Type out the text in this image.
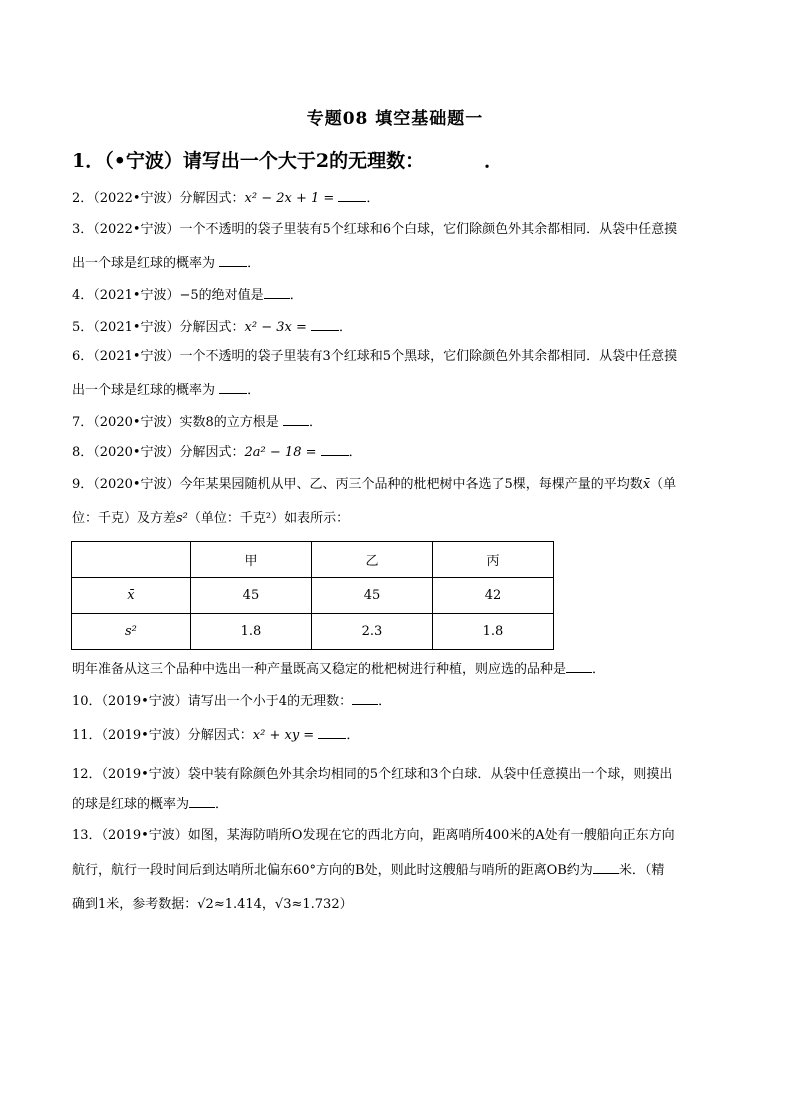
专题08 填空基础题一
1．（•宁波）请写出一个大于2的无理数：	．
2．（2022•宁波）分解因式：x² − 2x + 1 = ．
3．（2022•宁波）一个不透明的袋子里装有5个红球和6个白球，它们除颜色外其余都相同．从袋中任意摸
出一个球是红球的概率为 ．
4．（2021•宁波）−5的绝对值是 ．
5．（2021•宁波）分解因式：x² − 3x = ．
6．（2021•宁波）一个不透明的袋子里装有3个红球和5个黑球，它们除颜色外其余都相同．从袋中任意摸
出一个球是红球的概率为 ．
7．（2020•宁波）实数8的立方根是 ．
8．（2020•宁波）分解因式：2a² − 18 = ．
9．（2020•宁波）今年某果园随机从甲、乙、丙三个品种的枇杷树中各选了5棵，每棵产量的平均数x̄（单
位：千克）及方差s²（单位：千克²）如表所示：
	甲	乙	丙
x̄	45	45	42
s²	1.8	2.3	1.8
明年准备从这三个品种中选出一种产量既高又稳定的枇杷树进行种植，则应选的品种是 ．
10．（2019•宁波）请写出一个小于4的无理数： ．
11．（2019•宁波）分解因式：x² + xy = ．
12．（2019•宁波）袋中装有除颜色外其余均相同的5个红球和3个白球．从袋中任意摸出一个球，则摸出
的球是红球的概率为 ．
13．（2019•宁波）如图，某海防哨所O发现在它的西北方向，距离哨所400米的A处有一艘船向正东方向
航行，航行一段时间后到达哨所北偏东60°方向的B处，则此时这艘船与哨所的距离OB约为 米．（精
确到1米，参考数据：√2≈1.414，√3≈1.732）
